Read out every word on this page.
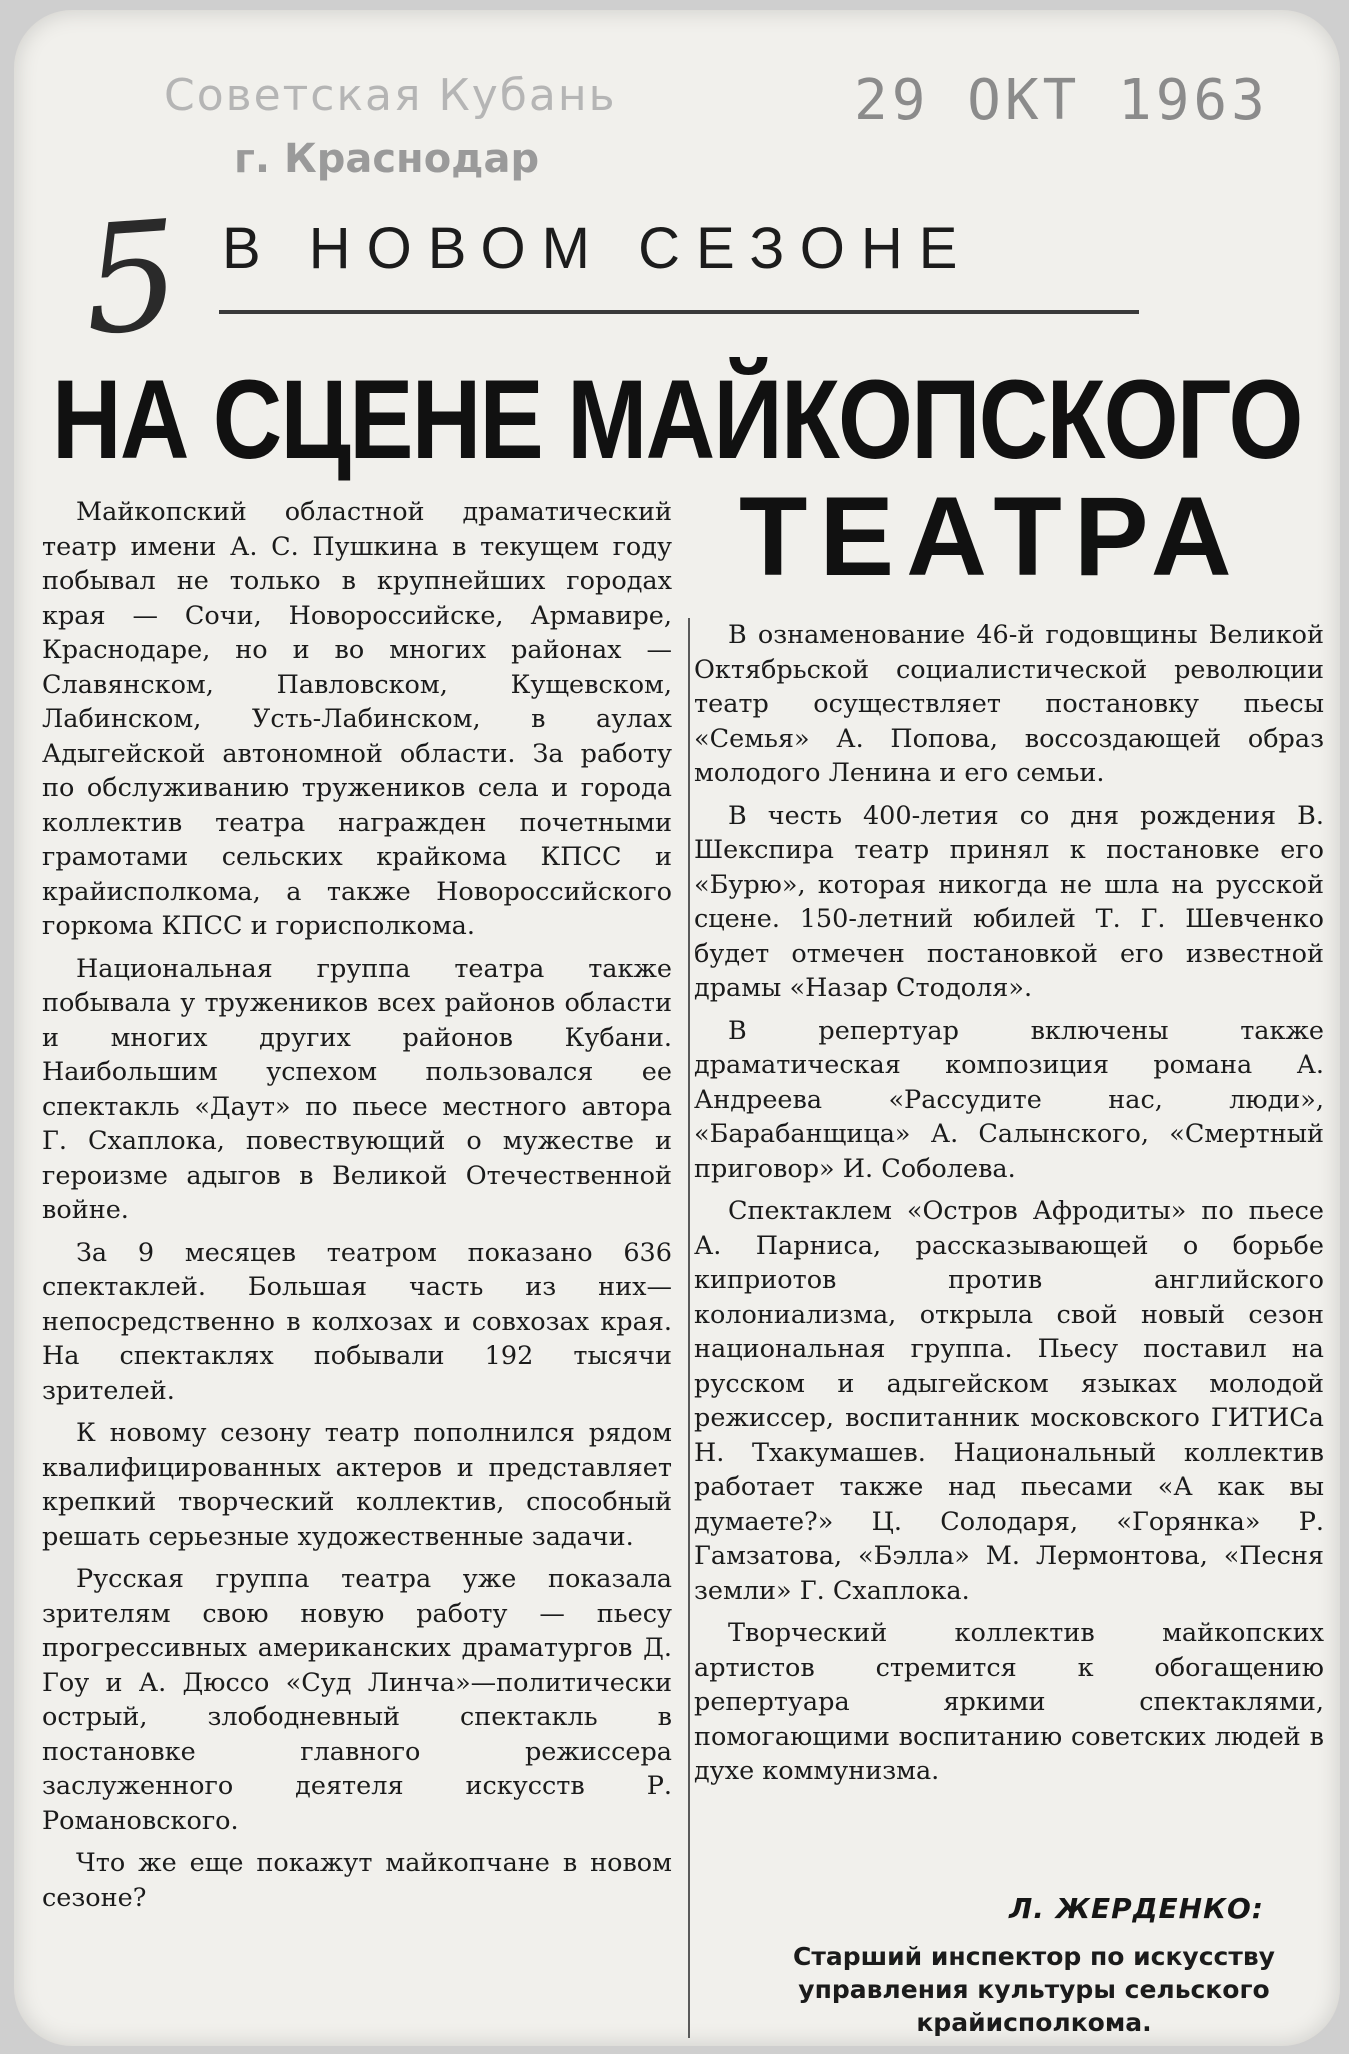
Советская Кубань
г. Краснодар
29 ОКТ 1963
5 В НОВОМ СЕЗОНЕ
НА СЦЕНЕ МАЙКОПСКОГО
ТЕАТРА

Майкопский областной драматический театр имени А. С. Пушкина в текущем году побывал не только в крупнейших городах края — Сочи, Новороссийске, Армавире, Краснодаре, но и во многих районах — Славянском, Павловском, Кущевском, Лабинском, Усть-Лабинском, в аулах Адыгейской автономной области. За работу по обслуживанию тружеников села и города коллектив театра награжден почетными грамотами сельских крайкома КПСС и крайисполкома, а также Новороссийского горкома КПСС и горисполкома.

Национальная группа театра также побывала у тружеников всех районов области и многих других районов Кубани. Наибольшим успехом пользовался ее спектакль «Даут» по пьесе местного автора Г. Схаплока, повествующий о мужестве и героизме адыгов в Великой Отечественной войне.

За 9 месяцев театром показано 636 спектаклей. Большая часть из них—непосредственно в колхозах и совхозах края. На спектаклях побывали 192 тысячи зрителей.

К новому сезону театр пополнился рядом квалифицированных актеров и представляет крепкий творческий коллектив, способный решать серьезные художественные задачи.

Русская группа театра уже показала зрителям свою новую работу — пьесу прогрессивных американских драматургов Д. Гоу и А. Дюссо «Суд Линча»—политически острый, злободневный спектакль в постановке главного режиссера заслуженного деятеля искусств Р. Романовского.

Что же еще покажут майкопчане в новом сезоне?

В ознаменование 46-й годовщины Великой Октябрьской социалистической революции театр осуществляет постановку пьесы «Семья» А. Попова, воссоздающей образ молодого Ленина и его семьи.

В честь 400-летия со дня рождения В. Шекспира театр принял к постановке его «Бурю», которая никогда не шла на русской сцене. 150-летний юбилей Т. Г. Шевченко будет отмечен постановкой его известной драмы «Назар Стодоля».

В репертуар включены также драматическая композиция романа А. Андреева «Рассудите нас, люди», «Барабанщица» А. Салынского, «Смертный приговор» И. Соболева.

Спектаклем «Остров Афродиты» по пьесе А. Парниса, рассказывающей о борьбе киприотов против английского колониализма, открыла свой новый сезон национальная группа. Пьесу поставил на русском и адыгейском языках молодой режиссер, воспитанник московского ГИТИСа Н. Тхакумашев. Национальный коллектив работает также над пьесами «А как вы думаете?» Ц. Солодаря, «Горянка» Р. Гамзатова, «Бэлла» М. Лермонтова, «Песня земли» Г. Схаплока.

Творческий коллектив майкопских артистов стремится к обогащению репертуара яркими спектаклями, помогающими воспитанию советских людей в духе коммунизма.

Л. ЖЕРДЕНКО:
Старший инспектор по искусству управления культуры сельского крайисполкома.
